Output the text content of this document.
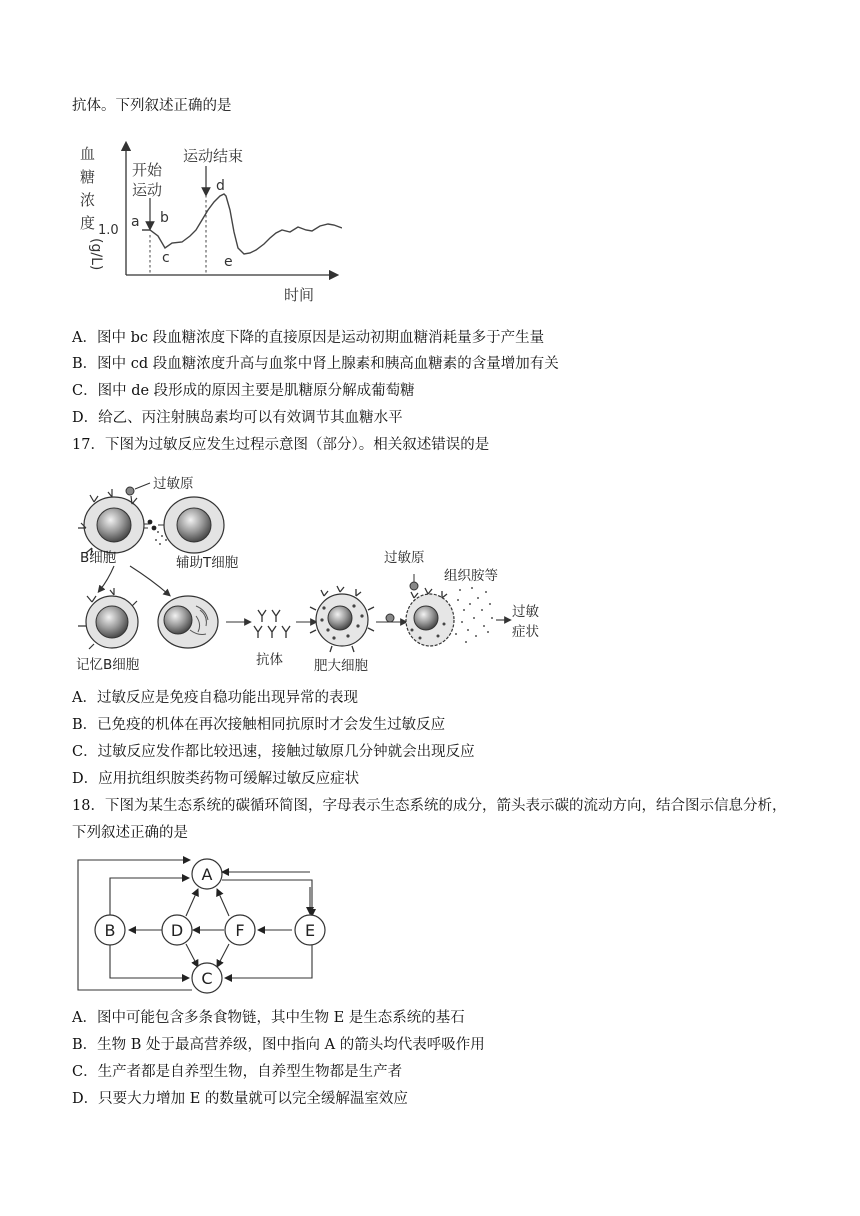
抗体。下列叙述正确的是
血
糖
浓
度
(g/L)
1.0
时间
开始
运动
运动结束
a b
c
d
e
A．图中 bc 段血糖浓度下降的直接原因是运动初期血糖消耗量多于产生量
B．图中 cd 段血糖浓度升高与血浆中肾上腺素和胰高血糖素的含量增加有关
C．图中 de 段形成的原因主要是肌糖原分解成葡萄糖
D．给乙、丙注射胰岛素均可以有效调节其血糖水平
17．下图为过敏反应发生过程示意图（部分）。相关叙述错误的是
过敏原
B细胞	辅助T细胞
记忆B细胞	抗体 肥大细胞
过敏原
组织胺等
过敏
症状
A．过敏反应是免疫自稳功能出现异常的表现
B．已免疫的机体在再次接触相同抗原时才会发生过敏反应
C．过敏反应发作都比较迅速，接触过敏原几分钟就会出现反应
D．应用抗组织胺类药物可缓解过敏反应症状
18．下图为某生态系统的碳循环简图，字母表示生态系统的成分，箭头表示碳的流动方向，结合图示信息分析，
下列叙述正确的是
A
B
C
D	E
F
A．图中可能包含多条食物链，其中生物 E 是生态系统的基石
B．生物 B 处于最高营养级，图中指向 A 的箭头均代表呼吸作用
C．生产者都是自养型生物，自养型生物都是生产者
D．只要大力增加 E 的数量就可以完全缓解温室效应
